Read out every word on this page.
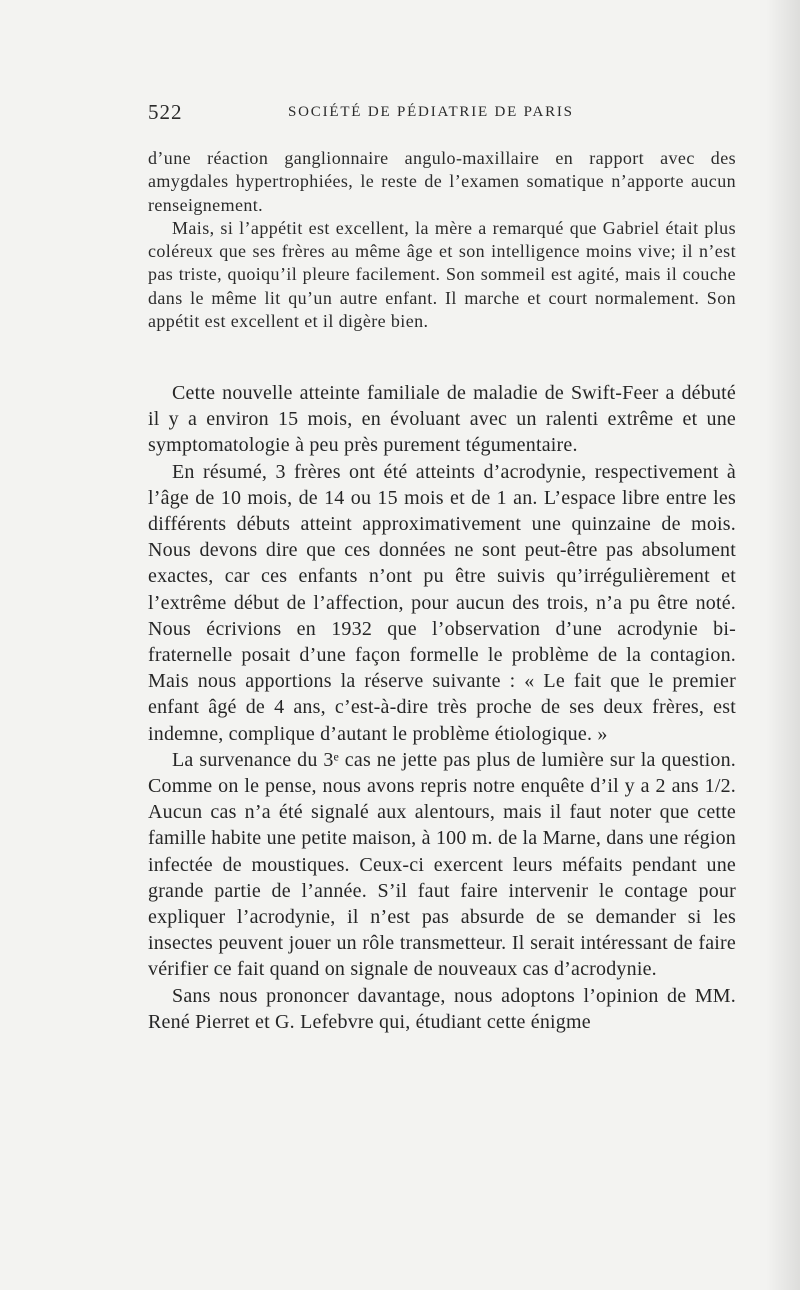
522	SOCIÉTÉ DE PÉDIATRIE DE PARIS

d’une réaction ganglionnaire angulo-maxillaire en rapport avec des amygdales hypertrophiées, le reste de l’examen somatique n’apporte aucun renseignement.

Mais, si l’appétit est excellent, la mère a remarqué que Gabriel était plus coléreux que ses frères au même âge et son intelligence moins vive; il n’est pas triste, quoiqu’il pleure facilement. Son sommeil est agité, mais il couche dans le même lit qu’un autre enfant. Il marche et court normalement. Son appétit est excellent et il digère bien.

Cette nouvelle atteinte familiale de maladie de Swift-Feer a débuté il y a environ 15 mois, en évoluant avec un ralenti extrême et une symptomatologie à peu près purement tégumentaire.

En résumé, 3 frères ont été atteints d’acrodynie, respectivement à l’âge de 10 mois, de 14 ou 15 mois et de 1 an. L’espace libre entre les différents débuts atteint approximativement une quinzaine de mois. Nous devons dire que ces données ne sont peut-être pas absolument exactes, car ces enfants n’ont pu être suivis qu’irrégulièrement et l’extrême début de l’affection, pour aucun des trois, n’a pu être noté. Nous écrivions en 1932 que l’observation d’une acrodynie bi-fraternelle posait d’une façon formelle le problème de la contagion. Mais nous apportions la réserve suivante : « Le fait que le premier enfant âgé de 4 ans, c’est-à-dire très proche de ses deux frères, est indemne, complique d’autant le problème étiologique. »

La survenance du 3ᵉ cas ne jette pas plus de lumière sur la question. Comme on le pense, nous avons repris notre enquête d’il y a 2 ans 1/2. Aucun cas n’a été signalé aux alentours, mais il faut noter que cette famille habite une petite maison, à 100 m. de la Marne, dans une région infectée de moustiques. Ceux-ci exercent leurs méfaits pendant une grande partie de l’année. S’il faut faire intervenir le contage pour expliquer l’acrodynie, il n’est pas absurde de se demander si les insectes peuvent jouer un rôle transmetteur. Il serait intéressant de faire vérifier ce fait quand on signale de nouveaux cas d’acrodynie.

Sans nous prononcer davantage, nous adoptons l’opinion de MM. René Pierret et G. Lefebvre qui, étudiant cette énigme
